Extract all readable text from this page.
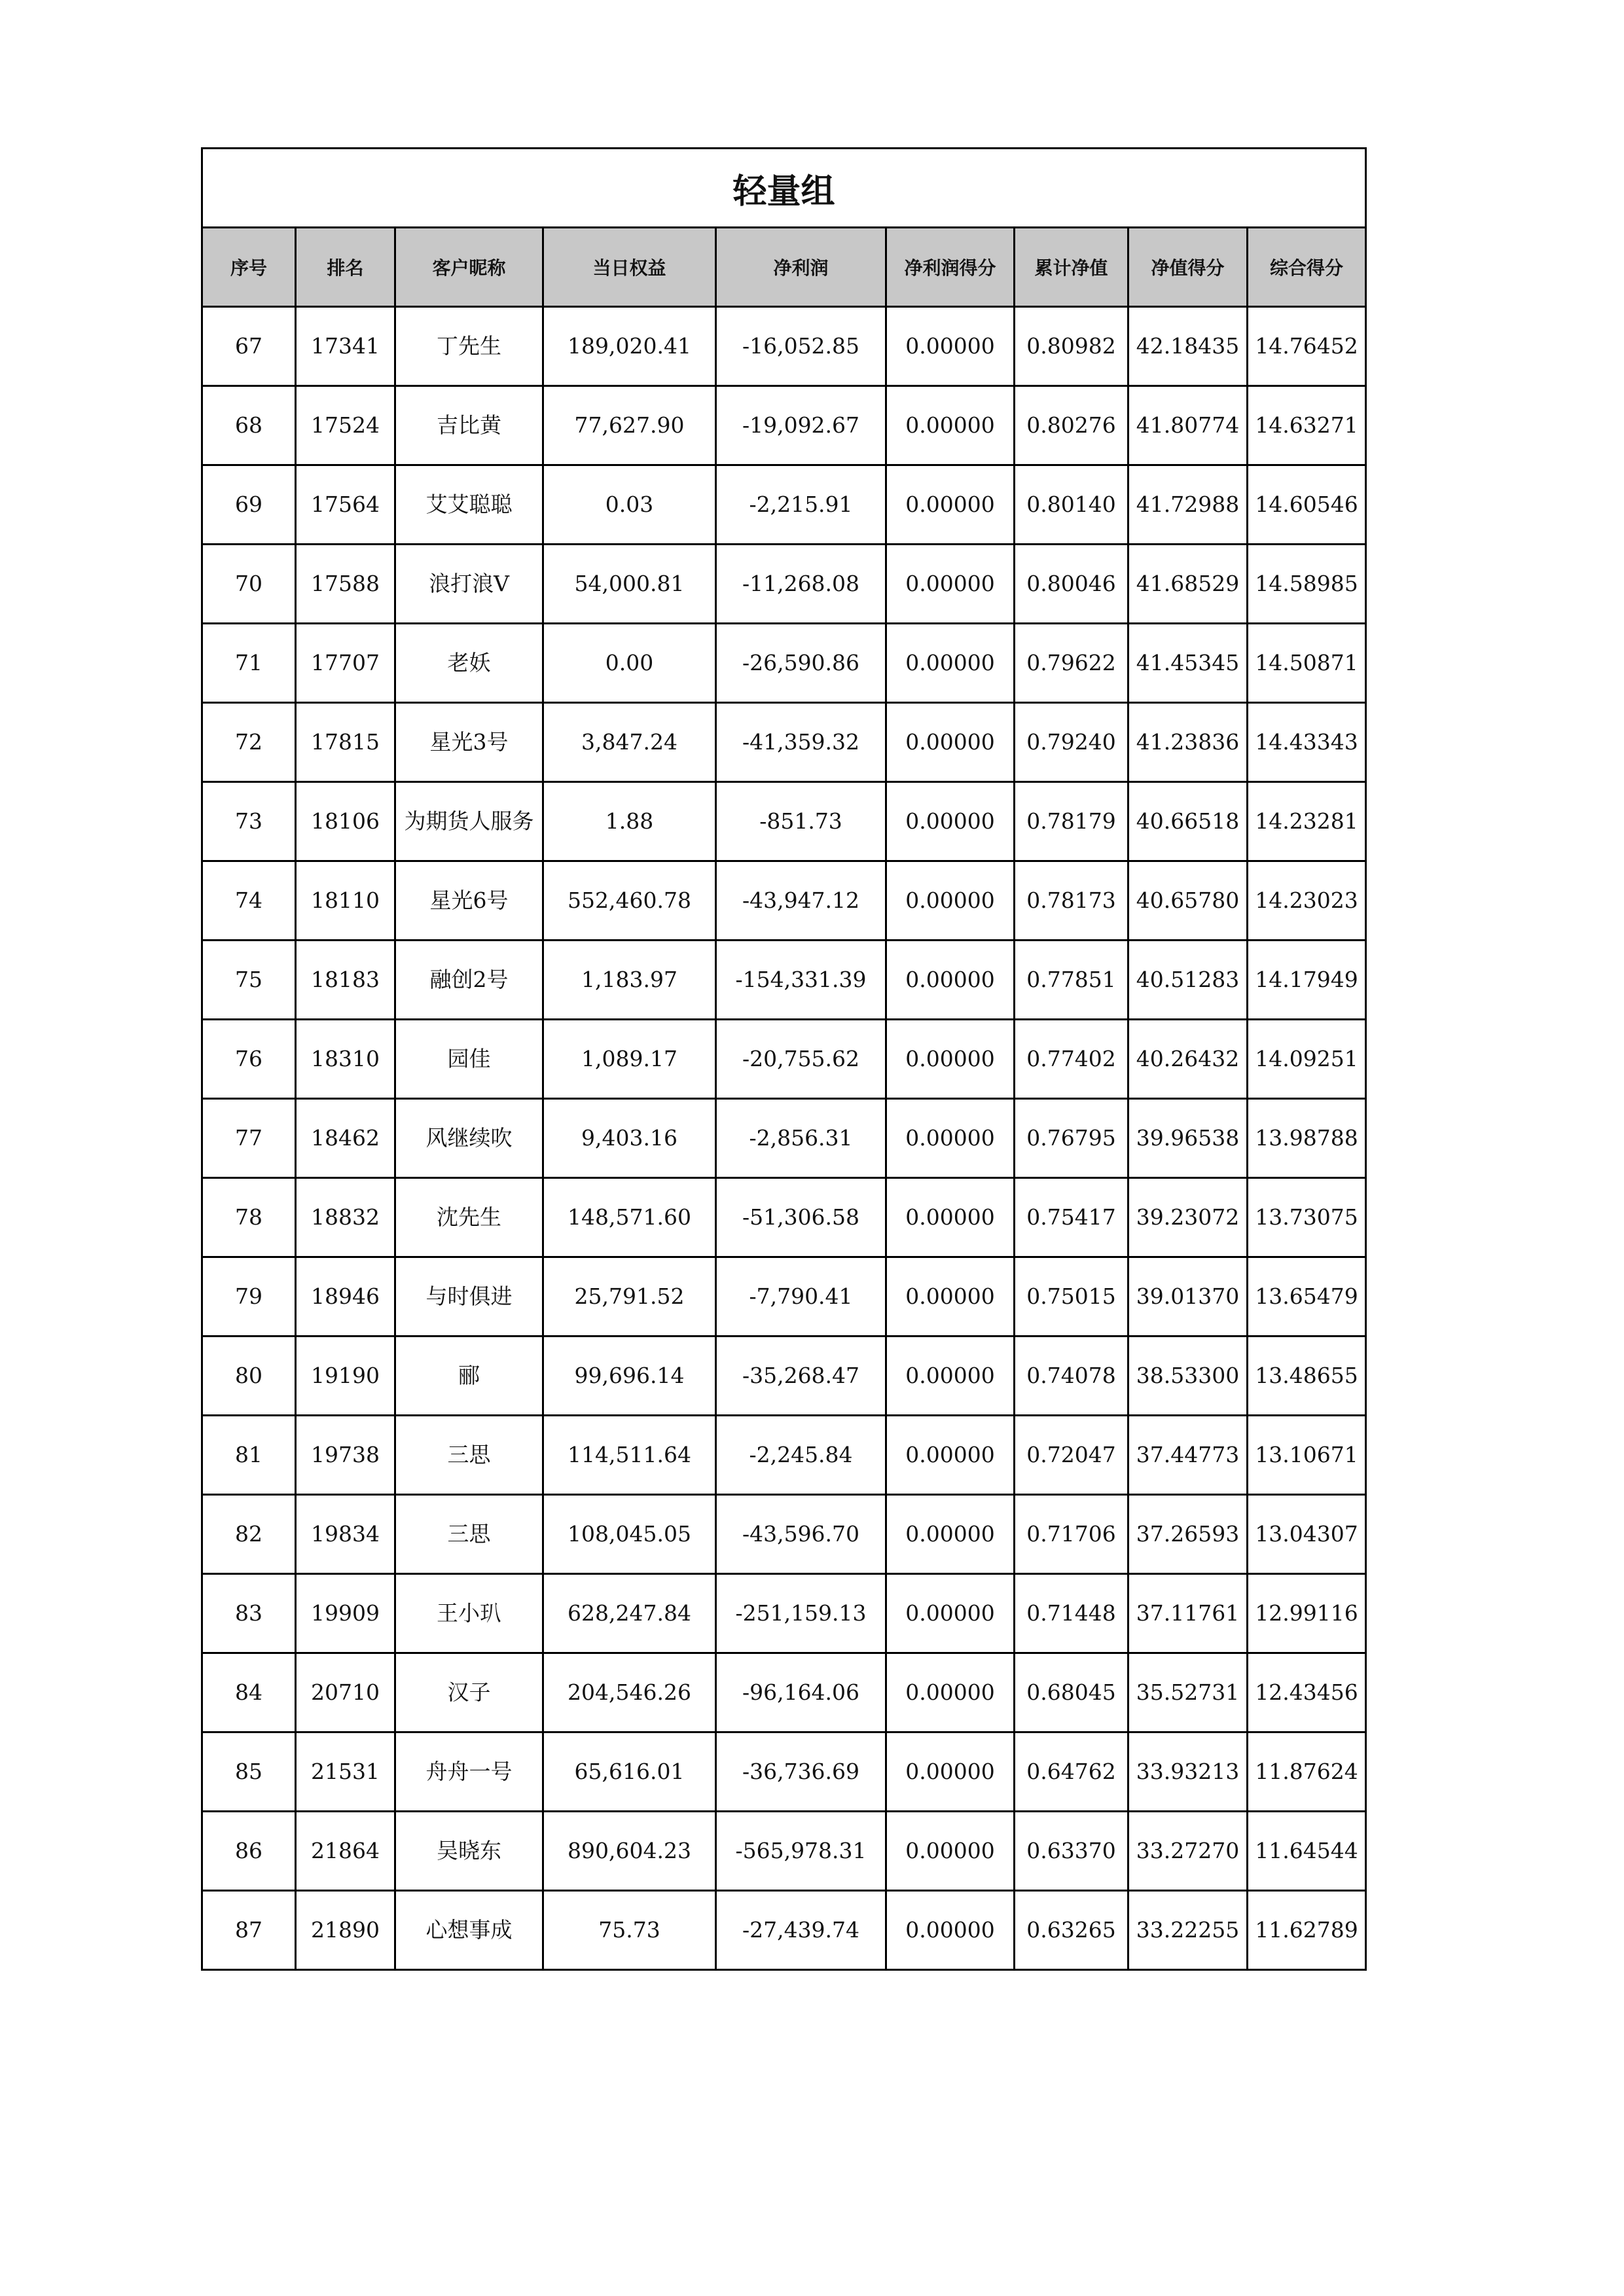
轻量组								
序号	排名	客户昵称	当日权益	净利润	净利润得分	累计净值	净值得分	综合得分
67	17341	丁先生	189,020.41	-16,052.85	0.00000	0.80982	42.18435	14.76452
68	17524	吉比黄	77,627.90	-19,092.67	0.00000	0.80276	41.80774	14.63271
69	17564	艾艾聪聪	0.03	-2,215.91	0.00000	0.80140	41.72988	14.60546
70	17588	浪打浪V	54,000.81	-11,268.08	0.00000	0.80046	41.68529	14.58985
71	17707	老妖	0.00	-26,590.86	0.00000	0.79622	41.45345	14.50871
72	17815	星光3号	3,847.24	-41,359.32	0.00000	0.79240	41.23836	14.43343
73	18106	为期货人服务	1.88	-851.73	0.00000	0.78179	40.66518	14.23281
74	18110	星光6号	552,460.78	-43,947.12	0.00000	0.78173	40.65780	14.23023
75	18183	融创2号	1,183.97	-154,331.39	0.00000	0.77851	40.51283	14.17949
76	18310	园佳	1,089.17	-20,755.62	0.00000	0.77402	40.26432	14.09251
77	18462	风继续吹	9,403.16	-2,856.31	0.00000	0.76795	39.96538	13.98788
78	18832	沈先生	148,571.60	-51,306.58	0.00000	0.75417	39.23072	13.73075
79	18946	与时俱进	25,791.52	-7,790.41	0.00000	0.75015	39.01370	13.65479
80	19190	郦	99,696.14	-35,268.47	0.00000	0.74078	38.53300	13.48655
81	19738	三思	114,511.64	-2,245.84	0.00000	0.72047	37.44773	13.10671
82	19834	三思	108,045.05	-43,596.70	0.00000	0.71706	37.26593	13.04307
83	19909	王小玐	628,247.84	-251,159.13	0.00000	0.71448	37.11761	12.99116
84	20710	汉子	204,546.26	-96,164.06	0.00000	0.68045	35.52731	12.43456
85	21531	舟舟一号	65,616.01	-36,736.69	0.00000	0.64762	33.93213	11.87624
86	21864	吴晓东	890,604.23	-565,978.31	0.00000	0.63370	33.27270	11.64544
87	21890	心想事成	75.73	-27,439.74	0.00000	0.63265	33.22255	11.62789
